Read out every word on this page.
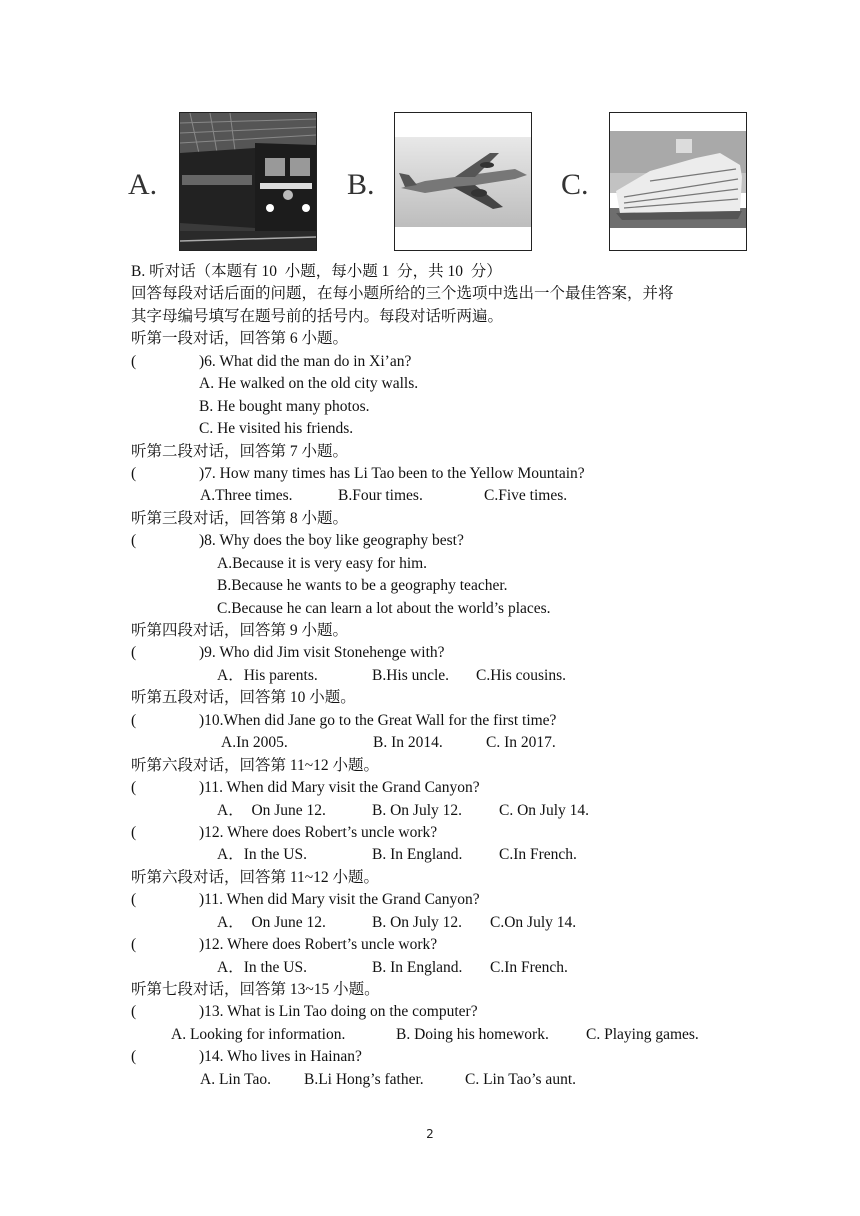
A.	B.	C.
B. 听对话（本题有 10  小题，每小题 1  分，共 10  分）
回答每段对话后面的问题，在每小题所给的三个选项中选出一个最佳答案，并将
其字母编号填写在题号前的括号内。每段对话听两遍。
听第一段对话，回答第 6 小题。
(	)6. What did the man do in Xi’an?
A. He walked on the old city walls.
B. He bought many photos.
C. He visited his friends.
听第二段对话，回答第 7 小题。
(	)7. How many times has Li Tao been to the Yellow Mountain?
A.Three times.	B.Four times.	C.Five times.
听第三段对话，回答第 8 小题。
(	)8. Why does the boy like geography best?
A.Because it is very easy for him.
B.Because he wants to be a geography teacher.
C.Because he can learn a lot about the world’s places.
听第四段对话，回答第 9 小题。
(	)9. Who did Jim visit Stonehenge with?
A．His parents.	B.His uncle.	C.His cousins.
听第五段对话，回答第 10 小题。
(	)10.When did Jane go to the Great Wall for the first time?
A.In 2005.	B. In 2014.	C. In 2017.
听第六段对话，回答第 11~12 小题。
(	)11. When did Mary visit the Grand Canyon?
A．  On June 12.	B. On July 12.	C. On July 14.
(	)12. Where does Robert’s uncle work?
A．In the US.	B. In England.	C.In French.
听第六段对话，回答第 11~12 小题。
(	)11. When did Mary visit the Grand Canyon?
A．  On June 12.	B. On July 12.	C.On July 14.
(	)12. Where does Robert’s uncle work?
A．In the US.	B. In England.	C.In French.
听第七段对话，回答第 13~15 小题。
(	)13. What is Lin Tao doing on the computer?
A. Looking for information.	B. Doing his homework.	C. Playing games.
(	)14. Who lives in Hainan?
A. Lin Tao.	B.Li Hong’s father.	C. Lin Tao’s aunt.
2
